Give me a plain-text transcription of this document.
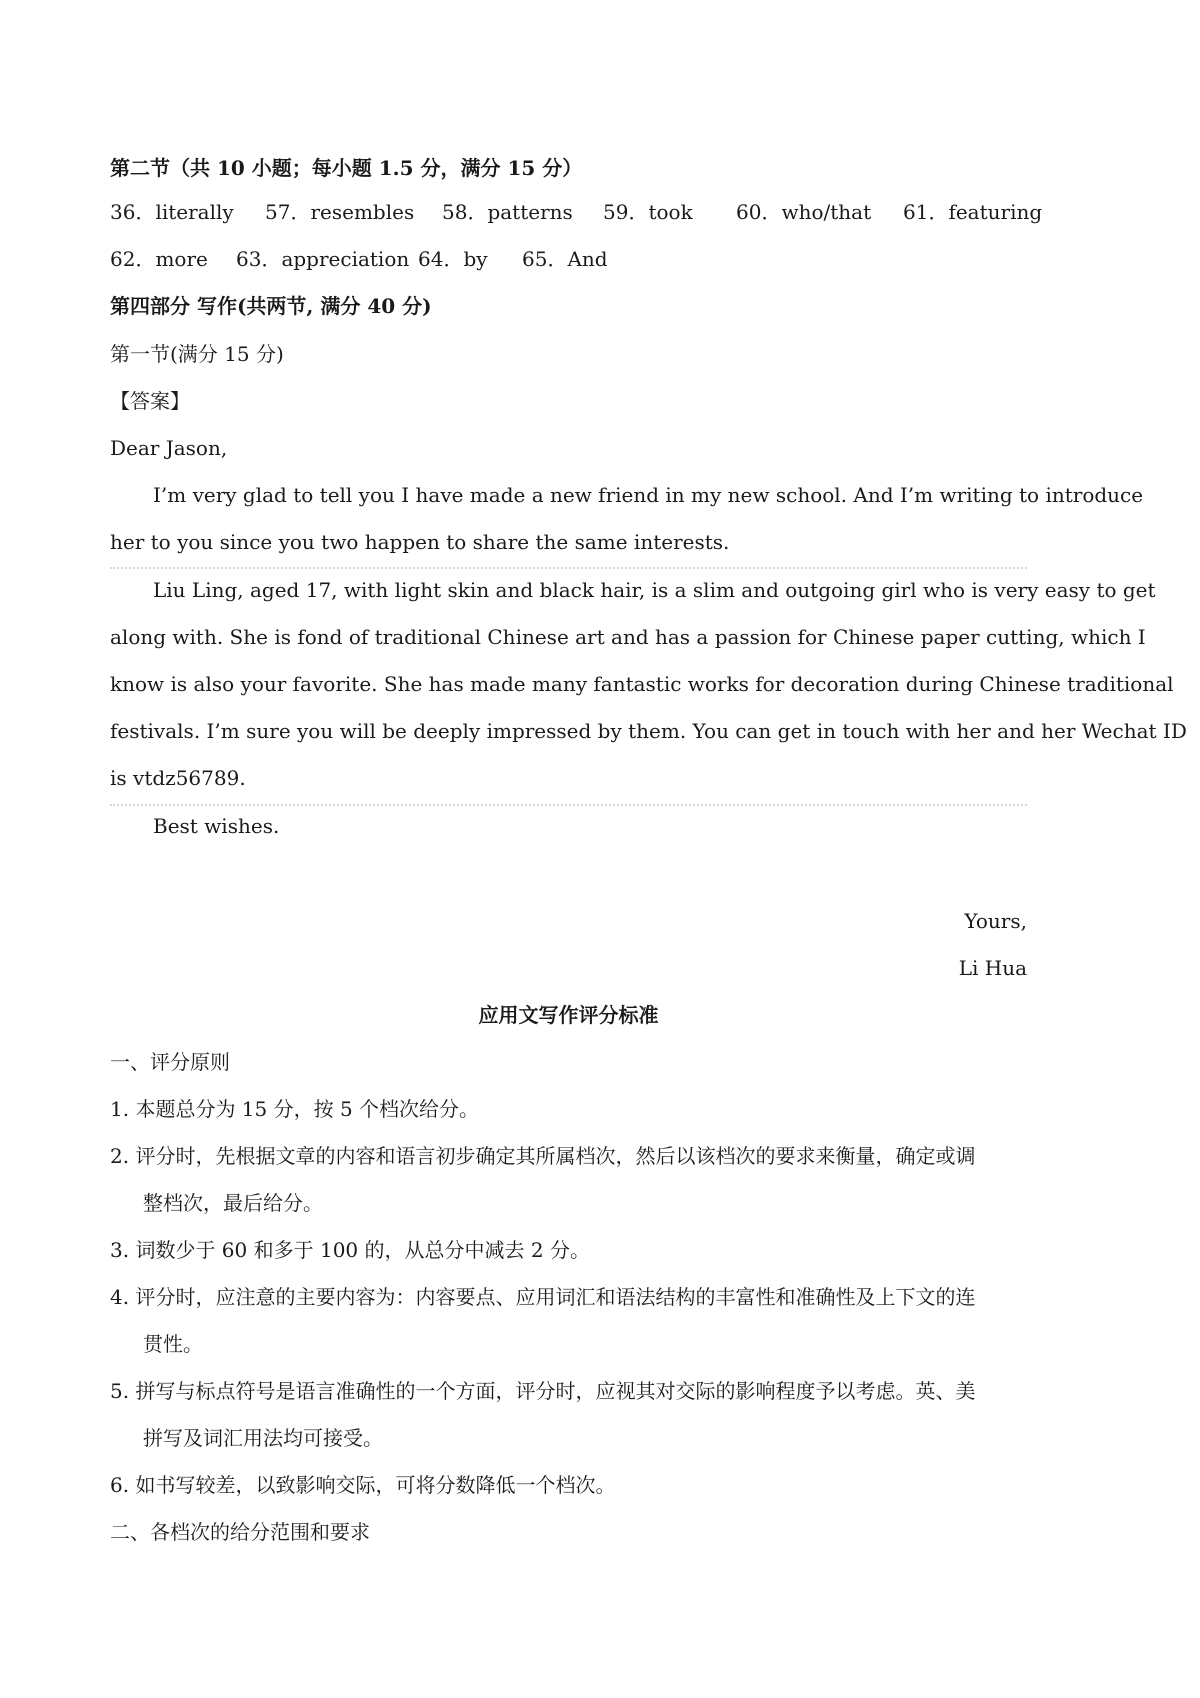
第二节（共 10 小题；每小题 1.5 分，满分 15 分）
36．literally 57．resembles 58．patterns 59．took 60．who/that 61．featuring
62．more 63．appreciation 64．by 65．And
第四部分 写作(共两节, 满分 40 分)
第一节(满分 15 分)
【答案】
Dear Jason,
I’m very glad to tell you I have made a new friend in my new school. And I’m writing to introduce
her to you since you two happen to share the same interests.
Liu Ling, aged 17, with light skin and black hair, is a slim and outgoing girl who is very easy to get
along with. She is fond of traditional Chinese art and has a passion for Chinese paper cutting, which I
know is also your favorite. She has made many fantastic works for decoration during Chinese traditional
festivals. I’m sure you will be deeply impressed by them. You can get in touch with her and her Wechat ID
is vtdz56789.
Best wishes.
Yours,
Li Hua
应用文写作评分标准
一、评分原则
1. 本题总分为 15 分，按 5 个档次给分。
2. 评分时，先根据文章的内容和语言初步确定其所属档次，然后以该档次的要求来衡量，确定或调
整档次，最后给分。
3. 词数少于 60 和多于 100 的，从总分中减去 2 分。
4. 评分时，应注意的主要内容为：内容要点、应用词汇和语法结构的丰富性和准确性及上下文的连
贯性。
5. 拼写与标点符号是语言准确性的一个方面，评分时，应视其对交际的影响程度予以考虑。英、美
拼写及词汇用法均可接受。
6. 如书写较差，以致影响交际，可将分数降低一个档次。
二、各档次的给分范围和要求
